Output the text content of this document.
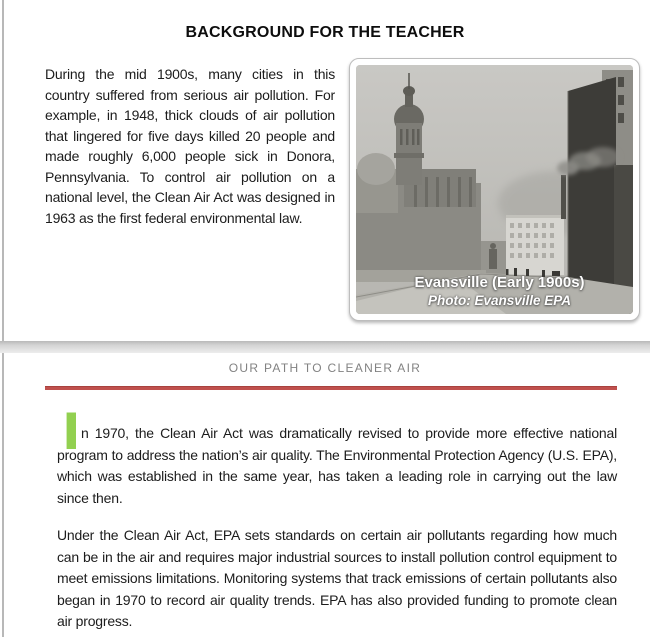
BACKGROUND FOR THE TEACHER
During the mid 1900s, many cities in this country suffered from serious air pollution. For example, in 1948, thick clouds of air pollution that lingered for five days killed 20 people and made roughly 6,000 people sick in Donora, Pennsylvania. To control air pollution on a national level, the Clean Air Act was designed in 1963 as the first federal environmental law.
Evansville (Early 1900s)
Photo: Evansville EPA
OUR PATH TO CLEANER AIR
I n 1970, the Clean Air Act was dramatically revised to provide more effective national program to address the nation’s air quality. The Environmental Protection Agency (U.S. EPA), which was established in the same year, has taken a leading role in carrying out the law since then.
Under the Clean Air Act, EPA sets standards on certain air pollutants regarding how much can be in the air and requires major industrial sources to install pollution control equipment to meet emissions limitations. Monitoring systems that track emissions of certain pollutants also began in 1970 to record air quality trends. EPA has also provided funding to promote clean air progress.
